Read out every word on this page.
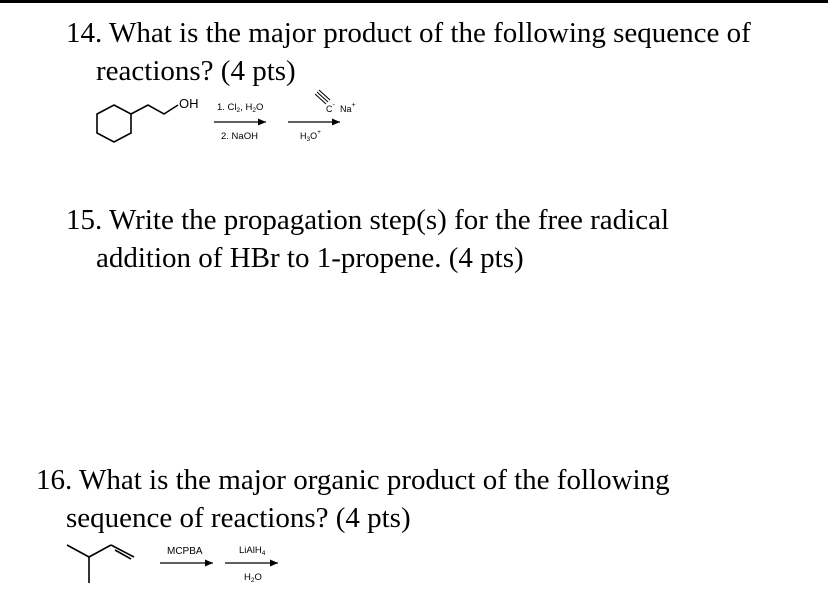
14. What is the major product of the following sequence of
reactions? (4 pts)
15. Write the propagation step(s) for the free radical
addition of HBr to 1-propene. (4 pts)
16. What is the major organic product of the following
sequence of reactions? (4 pts)
OH 1. $Cl_2$, $H_2O$
2. NaOH
C- Na+
$H_3O^+$
MCPBA	LiAlH$_4$
$H_2O$
